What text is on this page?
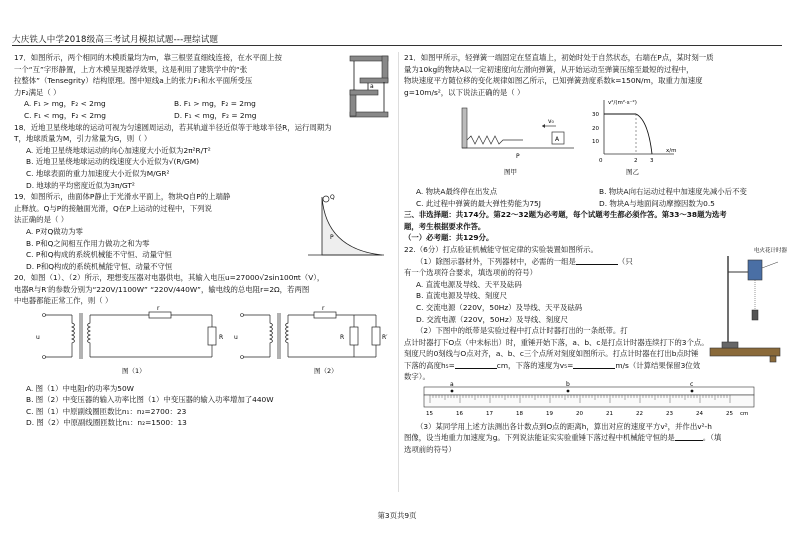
大庆铁人中学2018级高三考试月模拟试题---理综试题
17．如图所示，两个相同的木模质量均为m，靠三根竖直细线连接，在水平面上按
一个“互”字形静置，上方木模呈现悬浮效果，这是利用了建筑学中的“张
拉整体”（Tensegrity）结构原理。图中短线a上的张力F₁和水平面所受压
力F₂满足（ ）
A. F₁ > mg，F₂ < 2mg	B. F₁ > mg，F₂ = 2mg
C. F₁ < mg，F₂ < 2mg	D. F₁ < mg，F₂ = 2mg
a
18．近地卫星绕地球的运动可视为匀速圆周运动，若其轨道半径近似等于地球半径R，运行周期为
T，地球质量为M，引力常量为G，则（ ）
A. 近地卫星绕地球运动的向心加速度大小近似为2π²R/T²
B. 近地卫星绕地球运动的线速度大小近似为√(R/GM)
C. 地球表面的重力加速度大小近似为M/GR²
D. 地球的平均密度近似为3π/GT²
19．如图所示，曲面体P静止于光滑水平面上，物块Q自P的上端静
止释放。Q与P的接触面光滑，Q在P上运动的过程中，下列说
法正确的是（ ）
A. P对Q做功为零
B. P和Q之间相互作用力做功之和为零
C. P和Q构成的系统机械能不守恒、动量守恒
D. P和Q构成的系统机械能守恒、动量不守恒
Q
P
20．如图（1）、（2）所示，理想变压器对电器供电，其输入电压u=27000√2sin100πt（V），
电器R与R′的参数分别为“220V/1100W” “220V/440W”，输电线的总电阻r=2Ω，若两图
中电器都能正常工作，则（ ）
u
r
R
图（1）
u
r
R	R′
图（2）
A. 图（1）中电阻r的功率为50W
B. 图（2）中变压器的输入功率比图（1）中变压器的输入功率增加了440W
C. 图（1）中原副线圈匝数比n₁：n₂=2700：23
D. 图（2）中原副线圈匝数比n₁：n₂=1500：13
21．如图甲所示，轻弹簧一端固定在竖直墙上，初始时处于自然状态，右端在P点，某时刻一质
量为10kg的物块A以一定初速度向左滑向弹簧，从开始运动至弹簧压缩至最短的过程中，
物块速度平方随位移的变化规律如图乙所示，已知弹簧劲度系数k=150N/m，取重力加速度
g=10m/s²，以下说法正确的是（ ）
A
v₀
P
图甲
v²/(m²·s⁻²)
x/m
30
20
10
0	2 3
图乙
A. 物块A最终停在出发点	B. 物块A向右运动过程中加速度先减小后不变
C. 此过程中弹簧的最大弹性势能为75J	D. 物块A与地面间动摩擦因数为0.5
三、非选择题：共174分。第22～32题为必考题，每个试题考生都必须作答。第33～38题为选考
题，考生根据要求作答。
（一）必考题：共129分。
22.（6分）打点验证机械能守恒定律的实验装置如图所示。
（1）除图示器材外，下列器材中，必需的一组是	（只
有一个选项符合要求，填选项前的符号）
A. 直流电源及导线、天平及砝码
B. 直流电源及导线、刻度尺
C. 交流电源（220V，50Hz）及导线、天平及砝码
D. 交流电源（220V，50Hz）及导线、刻度尺
（2）下图中的纸带是实验过程中打点计时器打出的一条纸带。打
点计时器打下O点（中未标出）时，重锤开始下落，a、b、c是打点计时器连续打下的3个点。
刻度尺的0刻线与O点对齐，a、b、c三个点所对刻度如图所示。打点计时器在打出b点时锤
下落的高度h₅=	cm，下落的速度为v₅=	m/s（计算结果保留3位效
数字）。
a	b	c
15	16	17	18	19	20	21	22	23	24	25 cm
（3）某同学用上述方法测出各计数点到O点的距离h，算出对应的速度平方v²，并作出v²-h
图像，设当地重力加速度为g。下列说法能证实实验重锤下落过程中机械能守恒的是	。（填
选项前的符号）
电火花计时器
第3页共9页
